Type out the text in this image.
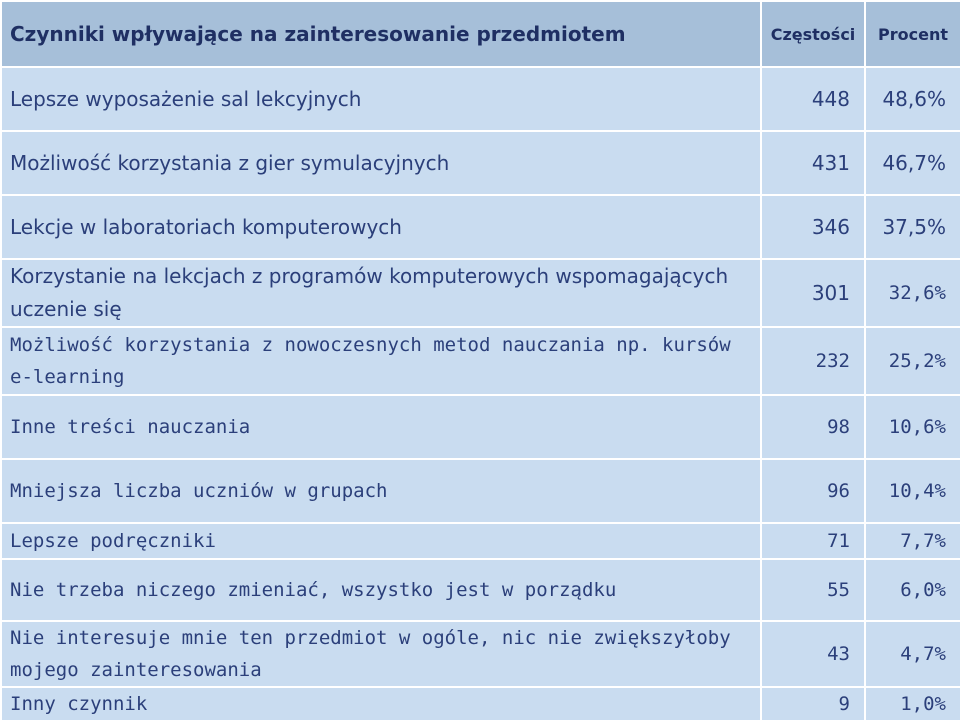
Czynniki wpływające na zainteresowanie przedmiotem	Częstości	Procent
Lepsze wyposażenie sal lekcyjnych	448	48,6%
Możliwość korzystania z gier symulacyjnych	431	46,7%
Lekcje w laboratoriach komputerowych	346	37,5%
Korzystanie na lekcjach z programów komputerowych wspomagających uczenie się	301	32,6%
Możliwość korzystania z nowoczesnych metod nauczania np. kursów e-learning	232	25,2%
Inne treści nauczania	98	10,6%
Mniejsza liczba uczniów w grupach	96	10,4%
Lepsze podręczniki	71	7,7%
Nie trzeba niczego zmieniać, wszystko jest w porządku	55	6,0%
Nie interesuje mnie ten przedmiot w ogóle, nic nie zwiększyłoby mojego zainteresowania	43	4,7%
Inny czynnik	9	1,0%
